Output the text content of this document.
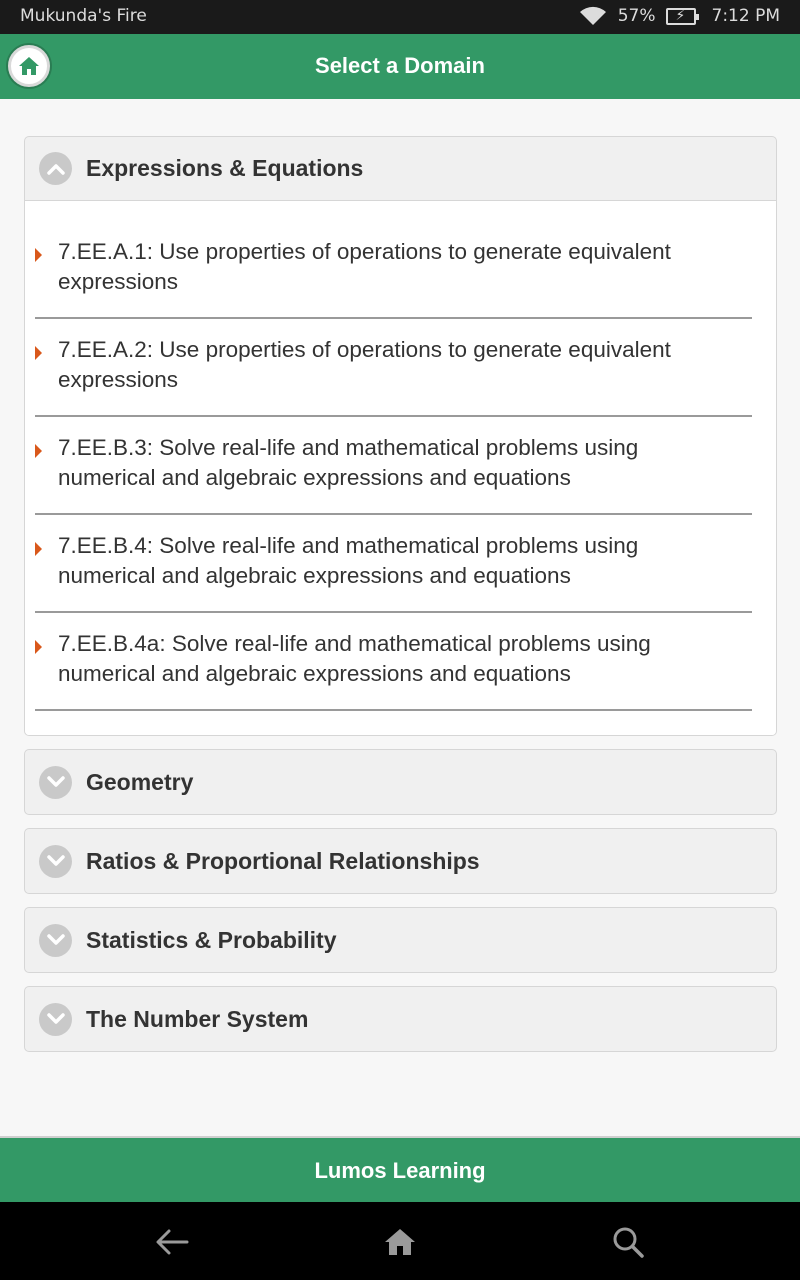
Mukunda's Fire	57% ⚡ 7:12 PM
Select a Domain
Expressions & Equations
7.EE.A.1: Use properties of operations to generate equivalent
expressions
7.EE.A.2: Use properties of operations to generate equivalent
expressions
7.EE.B.3: Solve real-life and mathematical problems using
numerical and algebraic expressions and equations
7.EE.B.4: Solve real-life and mathematical problems using
numerical and algebraic expressions and equations
7.EE.B.4a: Solve real-life and mathematical problems using
numerical and algebraic expressions and equations
Geometry
Ratios & Proportional Relationships
Statistics & Probability
The Number System
Lumos Learning
